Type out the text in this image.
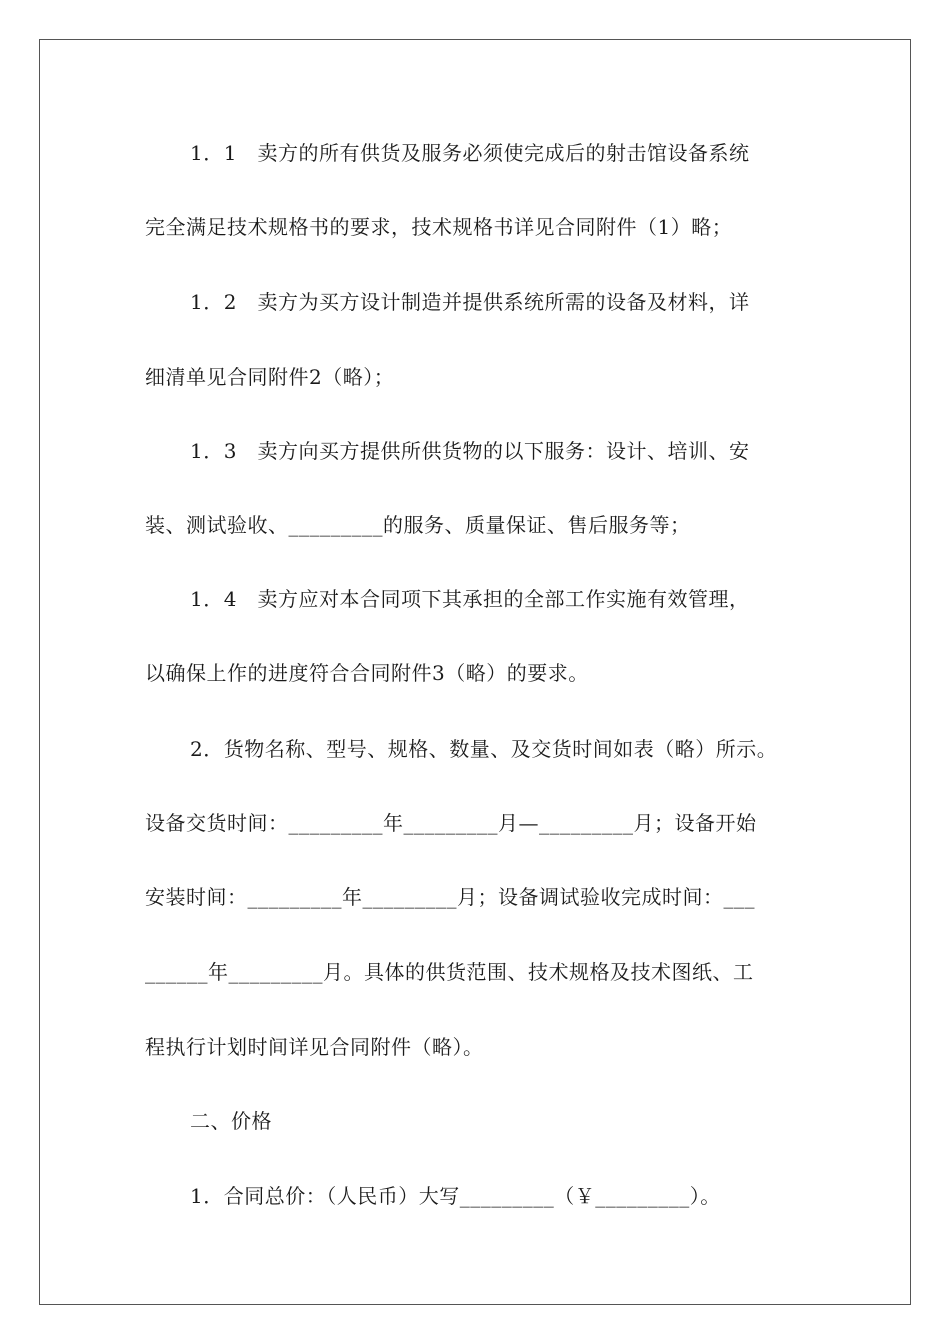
1．1　卖方的所有供货及服务必须使完成后的射击馆设备系统
完全满足技术规格书的要求，技术规格书详见合同附件（1）略；
1．2　卖方为买方设计制造并提供系统所需的设备及材料，详
细清单见合同附件2（略）；
1．3　卖方向买方提供所供货物的以下服务：设计、培训、安
装、测试验收、_________的服务、质量保证、售后服务等；
1．4　卖方应对本合同项下其承担的全部工作实施有效管理，
以确保上作的进度符合合同附件3（略）的要求。
2．货物名称、型号、规格、数量、及交货时间如表（略）所示。
设备交货时间：_________年_________月—_________月；设备开始
安装时间：_________年_________月；设备调试验收完成时间：___
______年_________月。具体的供货范围、技术规格及技术图纸、工
程执行计划时间详见合同附件（略）。
二、价格
1．合同总价：（人民币）大写_________（￥_________）。
